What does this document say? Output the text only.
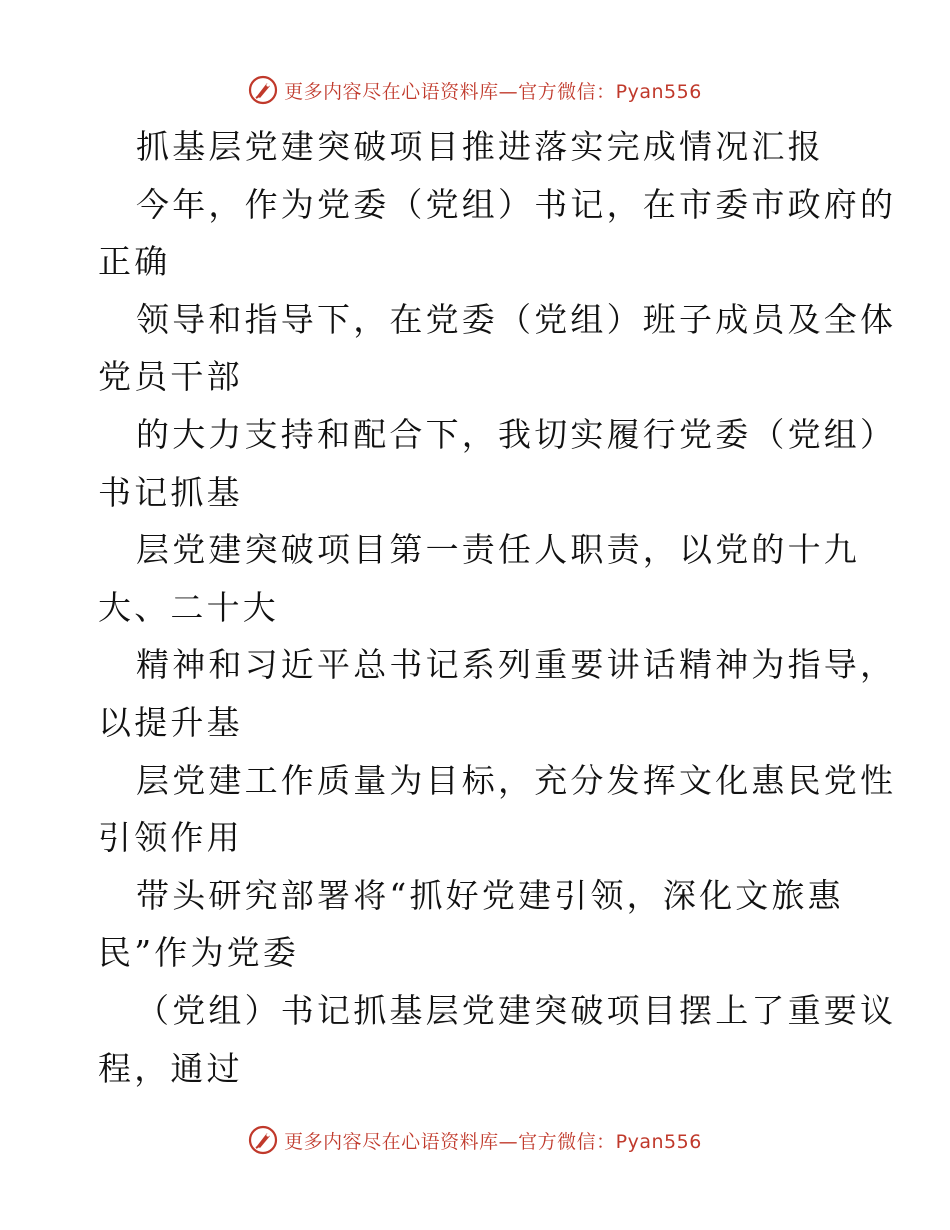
更多内容尽在心语资料库—官方微信：Pyan556
抓基层党建突破项目推进落实完成情况汇报
今年，作为党委（党组）书记，在市委市政府的
正确
领导和指导下，在党委（党组）班子成员及全体
党员干部
的大力支持和配合下，我切实履行党委（党组）
书记抓基
层党建突破项目第一责任人职责，以党的十九
大、二十大
精神和习近平总书记系列重要讲话精神为指导，
以提升基
层党建工作质量为目标，充分发挥文化惠民党性
引领作用
带头研究部署将“抓好党建引领，深化文旅惠
民”作为党委
（党组）书记抓基层党建突破项目摆上了重要议
程，通过
更多内容尽在心语资料库—官方微信：Pyan556
